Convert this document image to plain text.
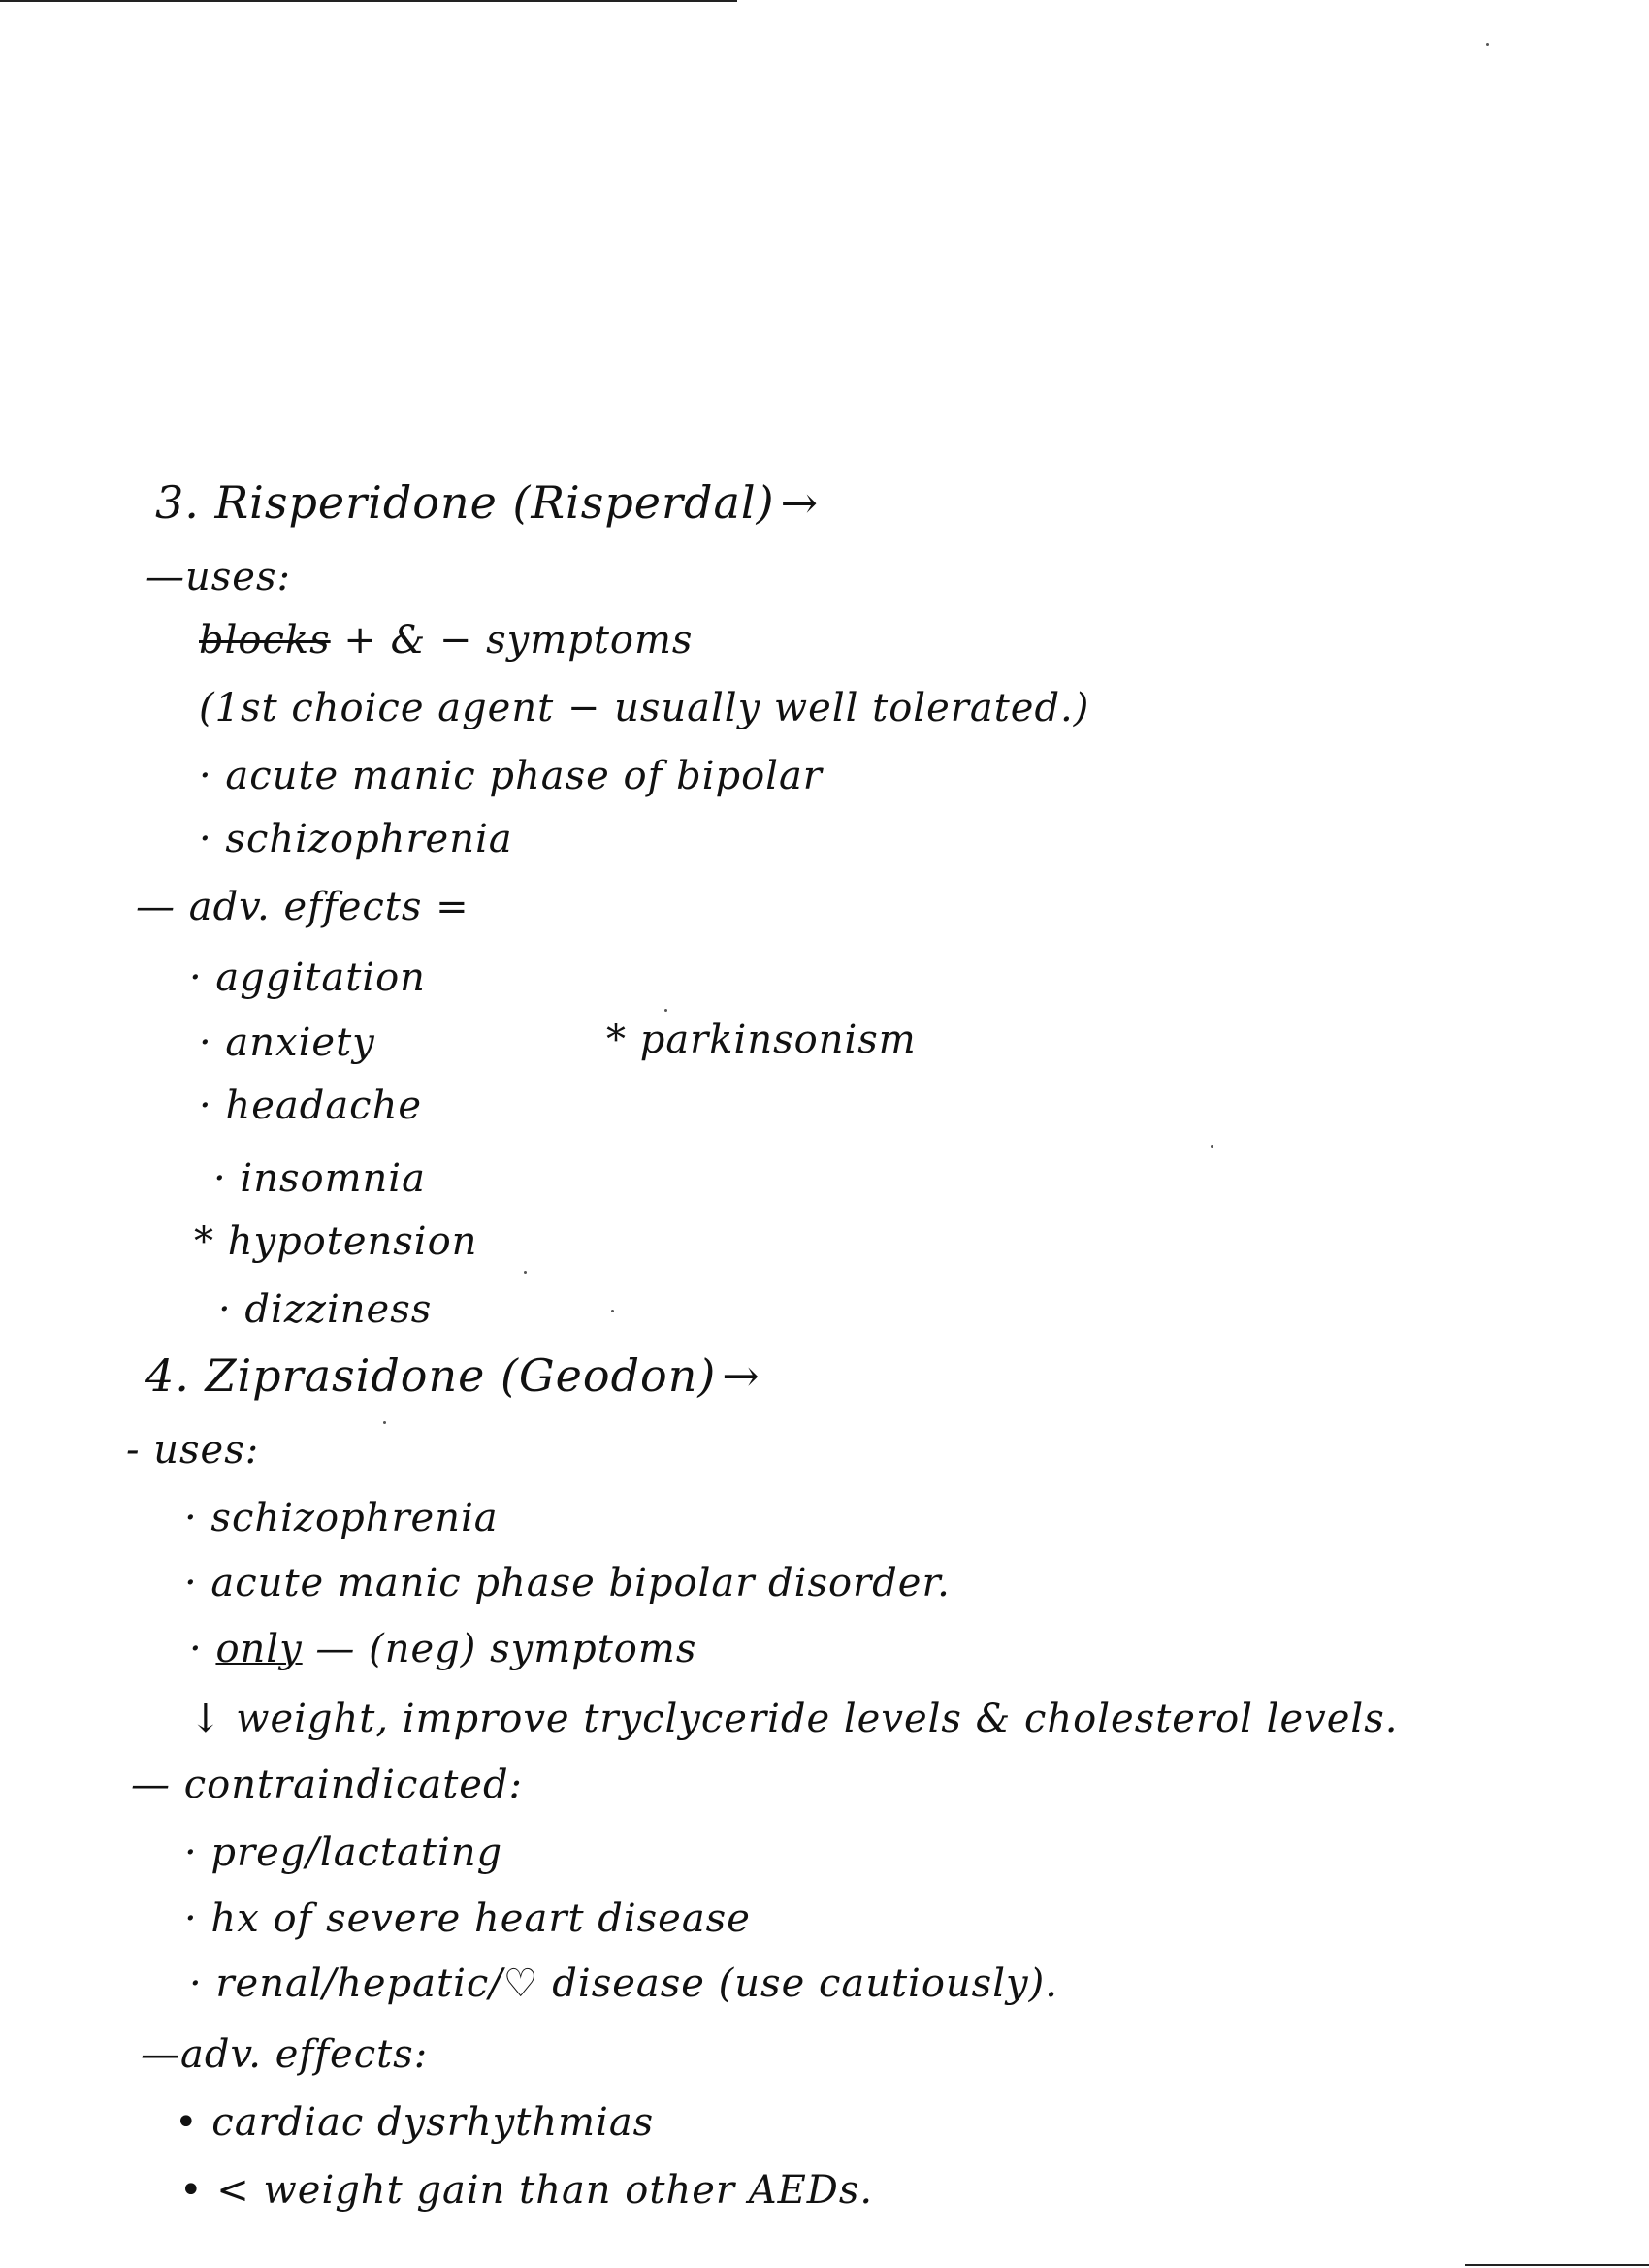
3. Risperidone (Risperdal) →
—uses:
blocks + & − symptoms
(1st choice agent − usually well tolerated.)
· acute manic phase of bipolar
· schizophrenia
— adv. effects =
· aggitation
· anxiety	* parkinsonism
· headache
· insomnia
* hypotension
· dizziness
4. Ziprasidone (Geodon) →
- uses:
· schizophrenia
· acute manic phase bipolar disorder.
· only — (neg) symptoms
↓ weight, improve tryclyceride levels & cholesterol levels.
— contraindicated:
· preg/lactating
· hx of severe heart disease
· renal/hepatic/♡ disease (use cautiously).
—adv. effects:
• cardiac dysrhythmias
• < weight gain than other AEDs.
